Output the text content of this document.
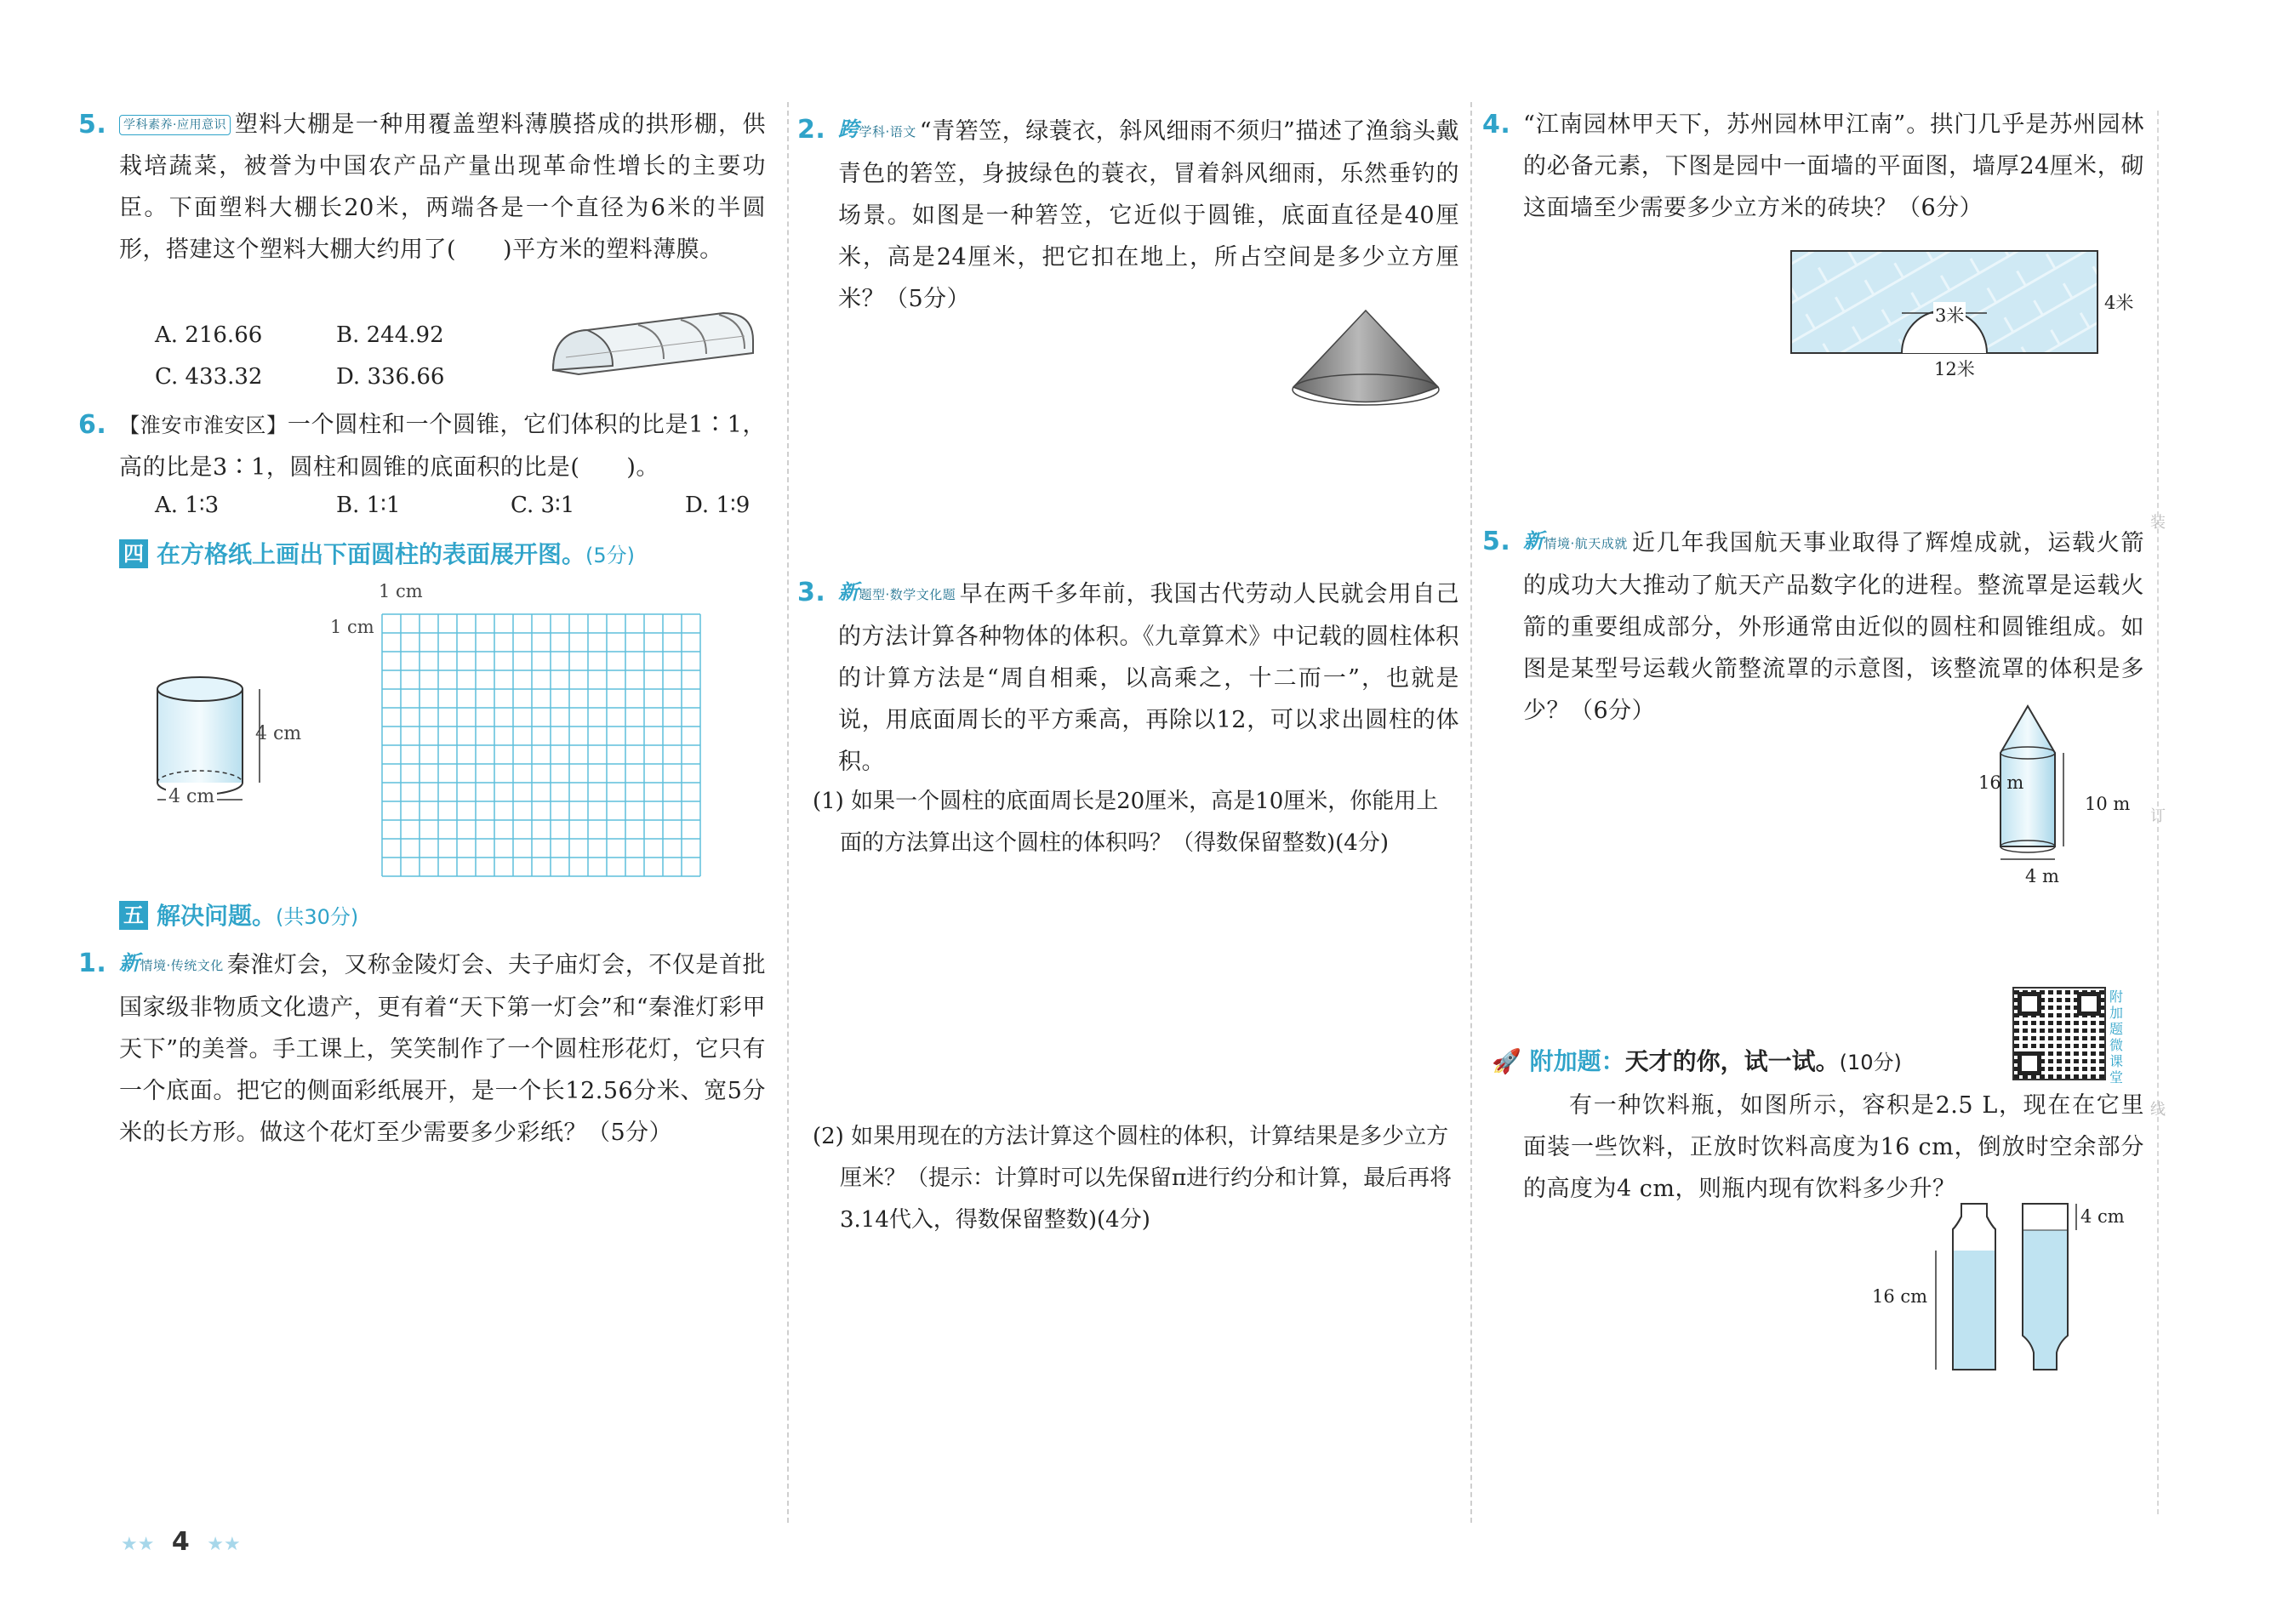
5. 学科素养·应用意识 塑料大棚是一种用覆盖塑料薄膜搭成的拱形棚，供栽培蔬菜，被誉为中国农产品产量出现革命性增长的主要功臣。下面塑料大棚长20米，两端各是一个直径为6米的半圆形，搭建这个塑料大棚大约用了(　　)平方米的塑料薄膜。
A. 216.66	B. 244.92
C. 433.32	D. 336.66
6. 【淮安市淮安区】一个圆柱和一个圆锥，它们体积的比是1∶1，高的比是3∶1，圆柱和圆锥的底面积的比是(　　)。
A. 1∶3	B. 1∶1	C. 3∶1	D. 1∶9
四 在方格纸上画出下面圆柱的表面展开图。(5分)
4 cm
4 cm
1 cm
1 cm
五 解决问题。(共30分)
1. 新情境·传统文化 秦淮灯会，又称金陵灯会、夫子庙灯会，不仅是首批国家级非物质文化遗产，更有着“天下第一灯会”和“秦淮灯彩甲天下”的美誉。手工课上，笑笑制作了一个圆柱形花灯，它只有一个底面。把它的侧面彩纸展开，是一个长12.56分米、宽5分米的长方形。做这个花灯至少需要多少彩纸？（5分）
2. 跨学科·语文 “青箬笠，绿蓑衣，斜风细雨不须归”描述了渔翁头戴青色的箬笠，身披绿色的蓑衣，冒着斜风细雨，乐然垂钓的场景。如图是一种箬笠，它近似于圆锥，底面直径是40厘米，高是24厘米，把它扣在地上，所占空间是多少立方厘米？（5分）
3. 新题型·数学文化题 早在两千多年前，我国古代劳动人民就会用自己的方法计算各种物体的体积。《九章算术》中记载的圆柱体积的计算方法是“周自相乘，以高乘之，十二而一”，也就是说，用底面周长的平方乘高，再除以12，可以求出圆柱的体积。
(1) 如果一个圆柱的底面周长是20厘米，高是10厘米，你能用上面的方法算出这个圆柱的体积吗？（得数保留整数)(4分)
(2) 如果用现在的方法计算这个圆柱的体积，计算结果是多少立方厘米？（提示：计算时可以先保留π进行约分和计算，最后再将3.14代入，得数保留整数)(4分)
4. “江南园林甲天下，苏州园林甲江南”。拱门几乎是苏州园林的必备元素，下图是园中一面墙的平面图，墙厚24厘米，砌这面墙至少需要多少立方米的砖块？（6分）
3米
4米
12米
5. 新情境·航天成就 近几年我国航天事业取得了辉煌成就，运载火箭的成功大大推动了航天产品数字化的进程。整流罩是运载火箭的重要组成部分，外形通常由近似的圆柱和圆锥组成。如图是某型号运载火箭整流罩的示意图，该整流罩的体积是多少？（6分）
16 m
10 m
4 m
🚀 附加题：天才的你，试一试。(10分)
附加题微课堂
有一种饮料瓶，如图所示，容积是2.5 L，现在在它里面装一些饮料，正放时饮料高度为16 cm，倒放时空余部分的高度为4 cm，则瓶内现有饮料多少升？
16 cm
4 cm
装
订
线
★★ 4 ★★
